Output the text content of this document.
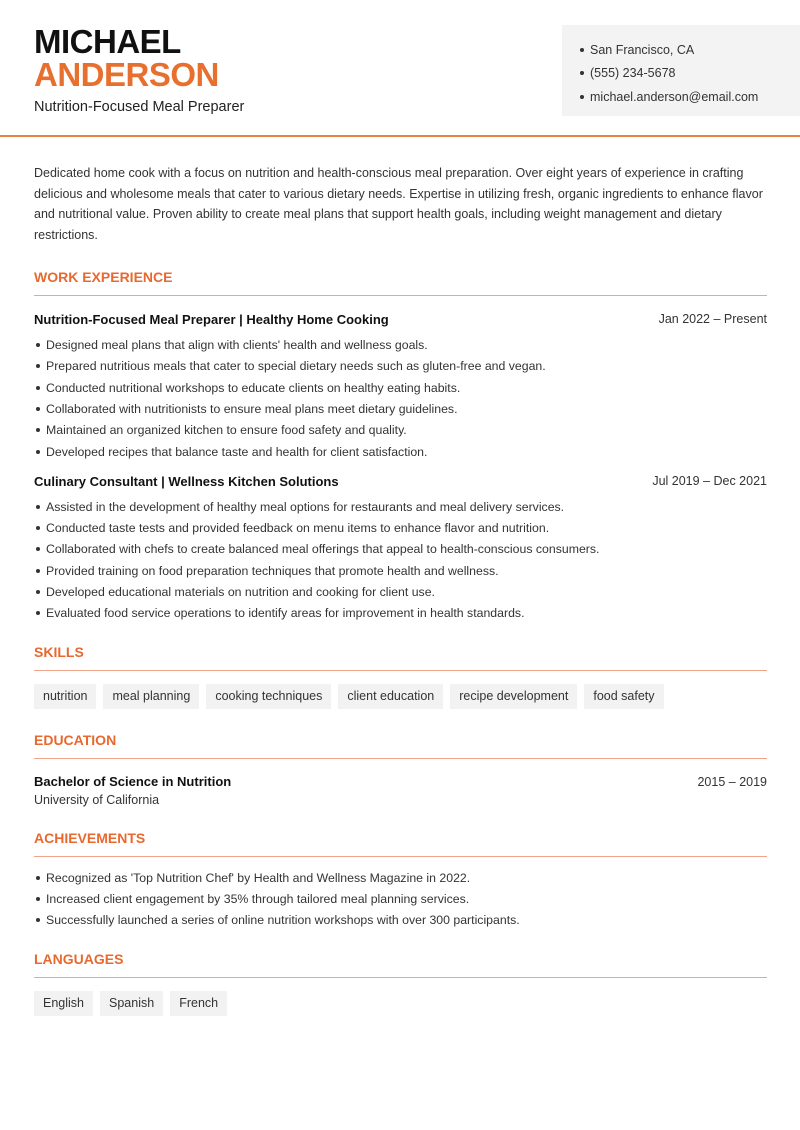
MICHAEL
ANDERSON
Nutrition-Focused Meal Preparer
San Francisco, CA
(555) 234-5678
michael.anderson@email.com

Dedicated home cook with a focus on nutrition and health-conscious meal preparation. Over eight years of experience in crafting delicious and wholesome meals that cater to various dietary needs. Expertise in utilizing fresh, organic ingredients to enhance flavor and nutritional value. Proven ability to create meal plans that support health goals, including weight management and dietary restrictions.

WORK EXPERIENCE
Nutrition-Focused Meal Preparer | Healthy Home Cooking	Jan 2022 – Present
Designed meal plans that align with clients' health and wellness goals.
Prepared nutritious meals that cater to special dietary needs such as gluten-free and vegan.
Conducted nutritional workshops to educate clients on healthy eating habits.
Collaborated with nutritionists to ensure meal plans meet dietary guidelines.
Maintained an organized kitchen to ensure food safety and quality.
Developed recipes that balance taste and health for client satisfaction.
Culinary Consultant | Wellness Kitchen Solutions	Jul 2019 – Dec 2021
Assisted in the development of healthy meal options for restaurants and meal delivery services.
Conducted taste tests and provided feedback on menu items to enhance flavor and nutrition.
Collaborated with chefs to create balanced meal offerings that appeal to health-conscious consumers.
Provided training on food preparation techniques that promote health and wellness.
Developed educational materials on nutrition and cooking for client use.
Evaluated food service operations to identify areas for improvement in health standards.
SKILLS
nutrition	meal planning	cooking techniques	client education	recipe development	food safety
EDUCATION
Bachelor of Science in Nutrition	2015 – 2019
University of California
ACHIEVEMENTS
Recognized as 'Top Nutrition Chef' by Health and Wellness Magazine in 2022.
Increased client engagement by 35% through tailored meal planning services.
Successfully launched a series of online nutrition workshops with over 300 participants.
LANGUAGES
English	Spanish	French
